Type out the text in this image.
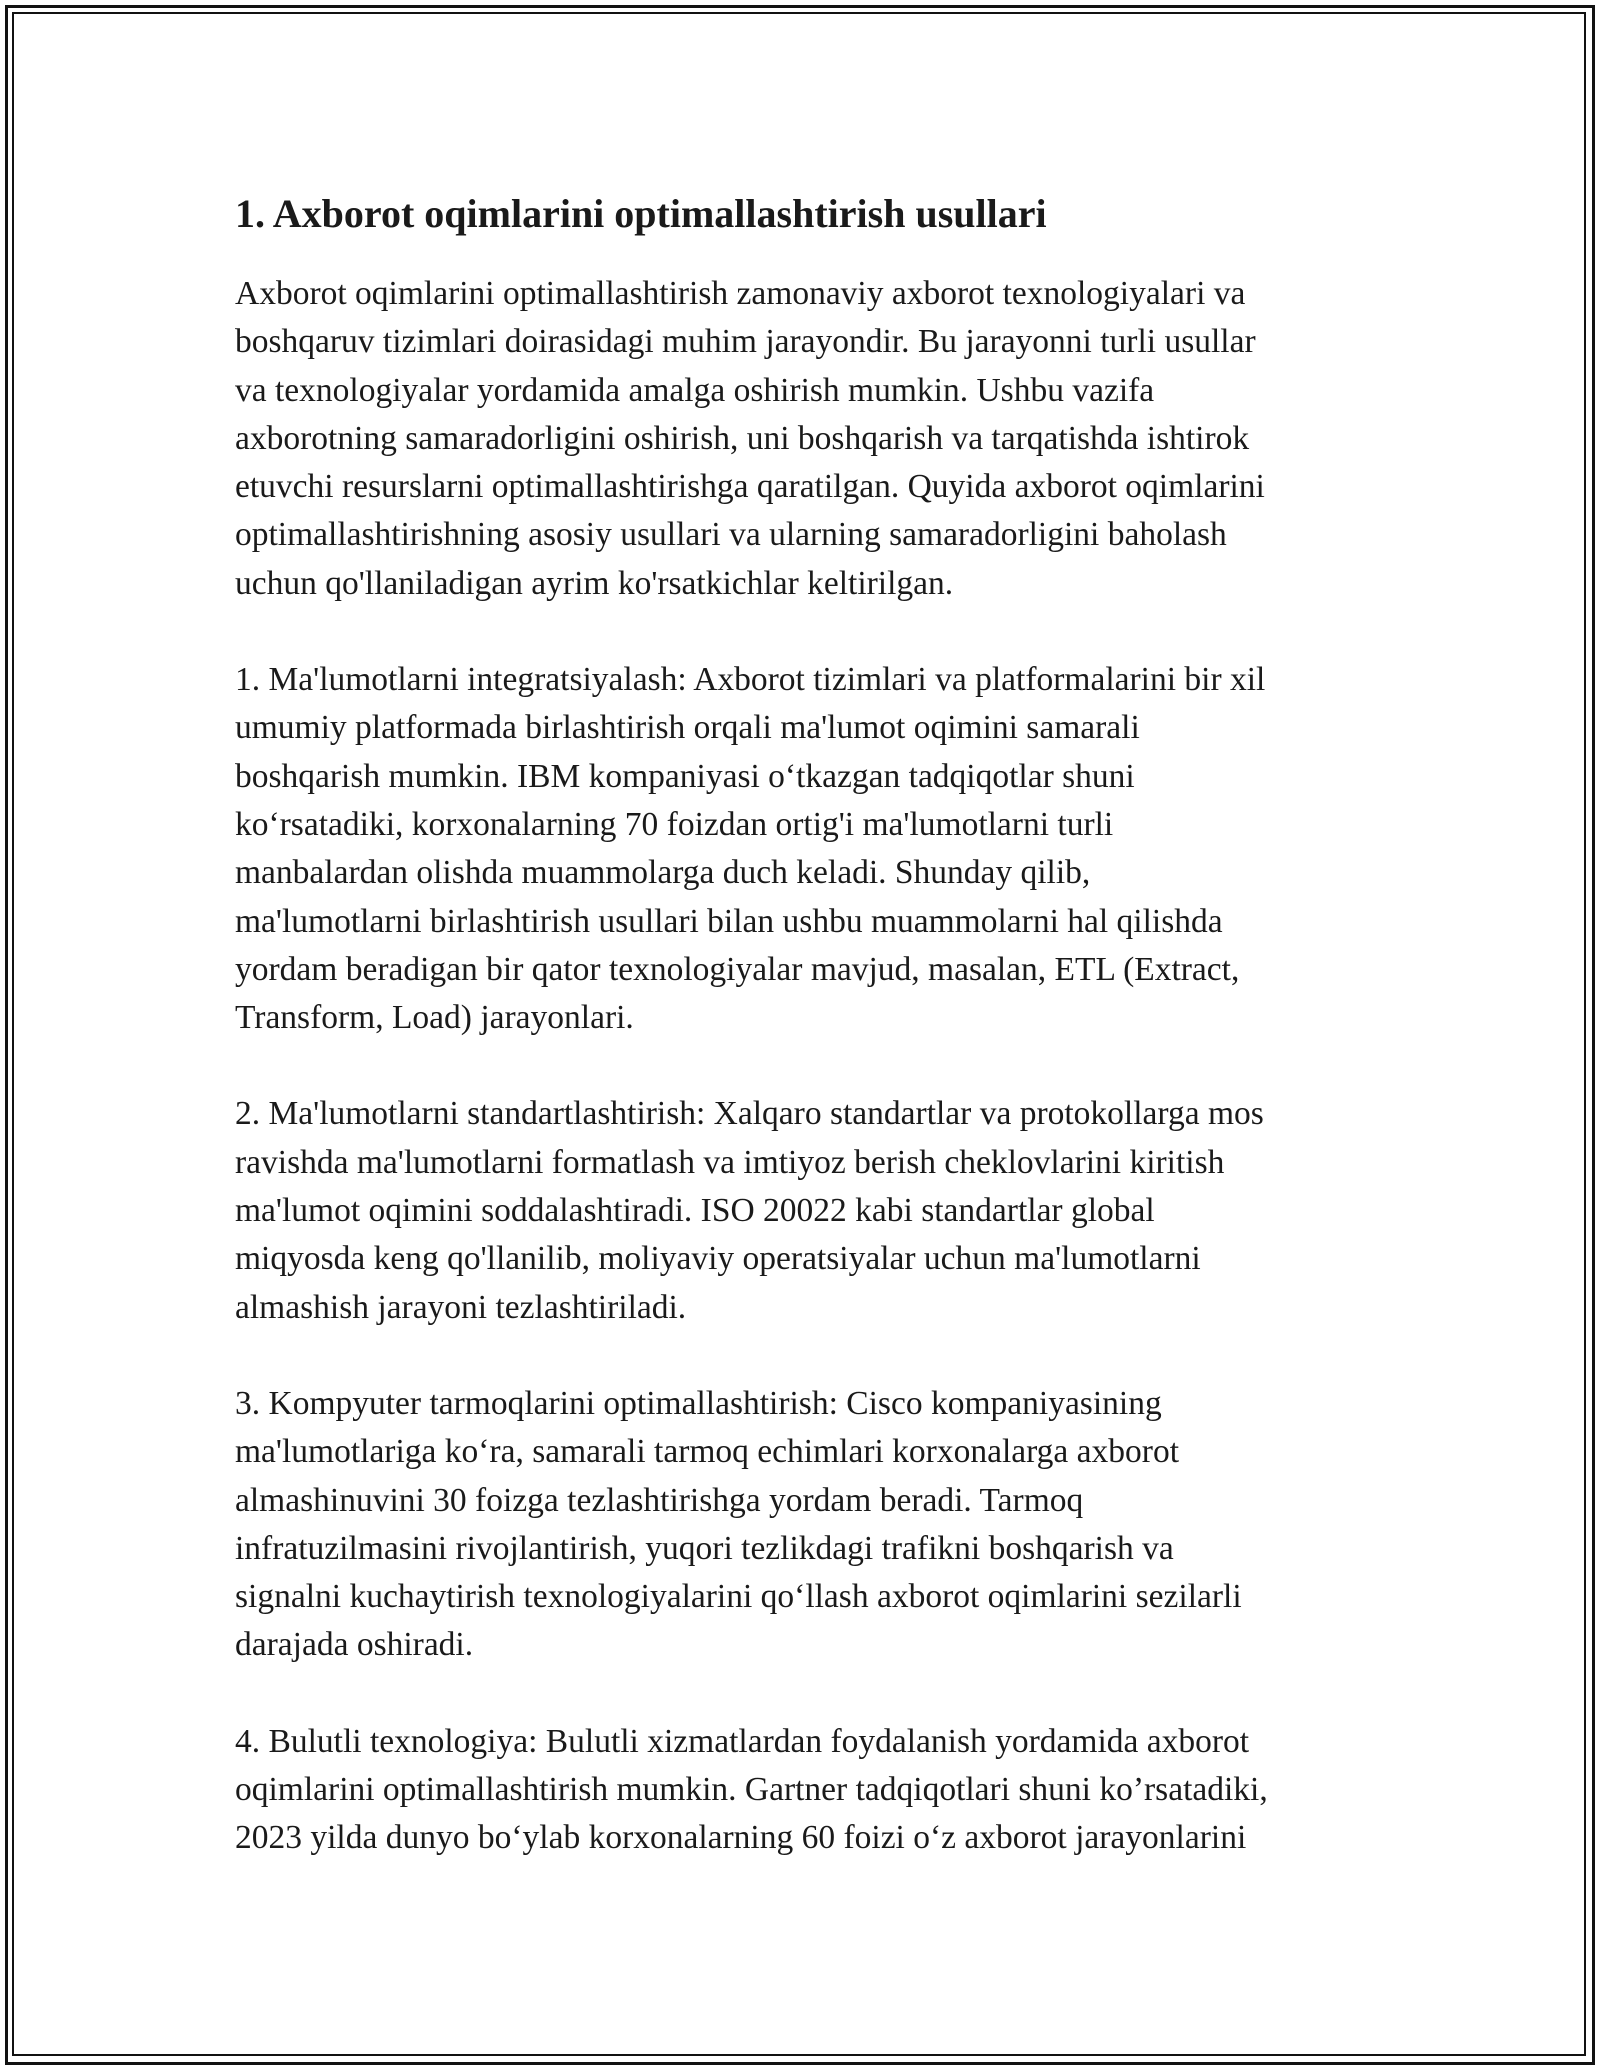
1. Axborot oqimlarini optimallashtirish usullari

Axborot oqimlarini optimallashtirish zamonaviy axborot texnologiyalari va
boshqaruv tizimlari doirasidagi muhim jarayondir. Bu jarayonni turli usullar
va texnologiyalar yordamida amalga oshirish mumkin. Ushbu vazifa
axborotning samaradorligini oshirish, uni boshqarish va tarqatishda ishtirok
etuvchi resurslarni optimallashtirishga qaratilgan. Quyida axborot oqimlarini
optimallashtirishning asosiy usullari va ularning samaradorligini baholash
uchun qo'llaniladigan ayrim ko'rsatkichlar keltirilgan.

1. Ma'lumotlarni integratsiyalash: Axborot tizimlari va platformalarini bir xil
umumiy platformada birlashtirish orqali ma'lumot oqimini samarali
boshqarish mumkin. IBM kompaniyasi oʻtkazgan tadqiqotlar shuni
koʻrsatadiki, korxonalarning 70 foizdan ortig'i ma'lumotlarni turli
manbalardan olishda muammolarga duch keladi. Shunday qilib,
ma'lumotlarni birlashtirish usullari bilan ushbu muammolarni hal qilishda
yordam beradigan bir qator texnologiyalar mavjud, masalan, ETL (Extract,
Transform, Load) jarayonlari.

2. Ma'lumotlarni standartlashtirish: Xalqaro standartlar va protokollarga mos
ravishda ma'lumotlarni formatlash va imtiyoz berish cheklovlarini kiritish
ma'lumot oqimini soddalashtiradi. ISO 20022 kabi standartlar global
miqyosda keng qo'llanilib, moliyaviy operatsiyalar uchun ma'lumotlarni
almashish jarayoni tezlashtiriladi.

3. Kompyuter tarmoqlarini optimallashtirish: Cisco kompaniyasining
ma'lumotlariga koʻra, samarali tarmoq echimlari korxonalarga axborot
almashinuvini 30 foizga tezlashtirishga yordam beradi. Tarmoq
infratuzilmasini rivojlantirish, yuqori tezlikdagi trafikni boshqarish va
signalni kuchaytirish texnologiyalarini qoʻllash axborot oqimlarini sezilarli
darajada oshiradi.

4. Bulutli texnologiya: Bulutli xizmatlardan foydalanish yordamida axborot
oqimlarini optimallashtirish mumkin. Gartner tadqiqotlari shuni ko’rsatadiki,
2023 yilda dunyo boʻylab korxonalarning 60 foizi oʻz axborot jarayonlarini
